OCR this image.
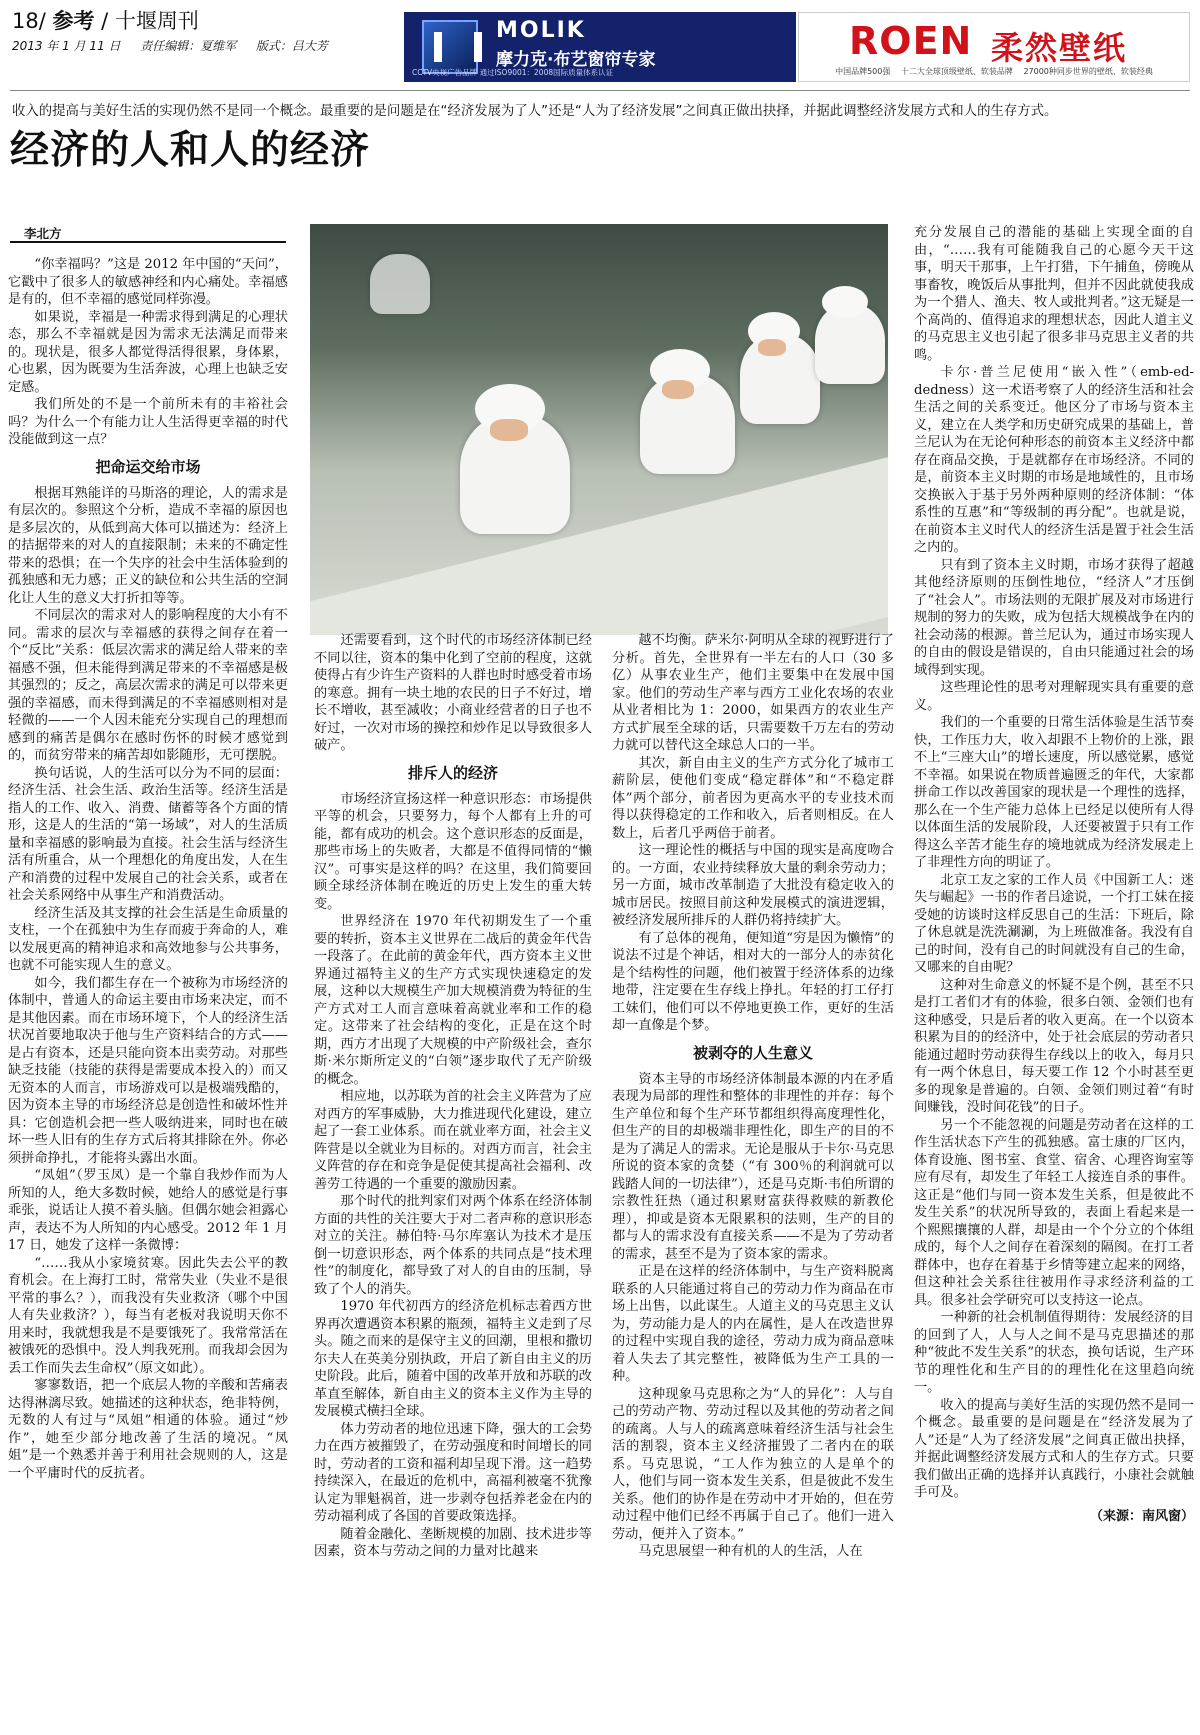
18/ 参考 / 十堰周刊
2013 年 1 月 11 日 　 责任编辑：夏维军 　 版式：吕大芳
MOLIK
摩力克·布艺窗帘专家
CCTV央视广告品牌 通过ISO9001：2008国际质量体系认证
ROEN 柔然壁纸
中国品牌500强　 十二大全球顶级壁纸、软装品牌　 27000种同步世界的壁纸、软装经典
收入的提高与美好生活的实现仍然不是同一个概念。最重要的是问题是在“经济发展为了人”还是“人为了经济发展”之间真正做出抉择，并据此调整经济发展方式和人的生存方式。
经济的人和人的经济
李北方

“你幸福吗？”这是 2012 年中国的“天问”，它戳中了很多人的敏感神经和内心痛处。幸福感是有的，但不幸福的感觉同样弥漫。

如果说，幸福是一种需求得到满足的心理状态，那么不幸福就是因为需求无法满足而带来的。现状是，很多人都觉得活得很累，身体累，心也累，因为既要为生活奔波，心理上也缺乏安定感。

我们所处的不是一个前所未有的丰裕社会吗？为什么一个有能力让人生活得更幸福的时代没能做到这一点？

把命运交给市场

根据耳熟能详的马斯洛的理论，人的需求是有层次的。参照这个分析，造成不幸福的原因也是多层次的，从低到高大体可以描述为：经济上的拮据带来的对人的直接限制；未来的不确定性带来的恐惧；在一个失序的社会中生活体验到的孤独感和无力感；正义的缺位和公共生活的空洞化让人生的意义大打折扣等等。

不同层次的需求对人的影响程度的大小有不同。需求的层次与幸福感的获得之间存在着一个“反比”关系：低层次需求的满足给人带来的幸福感不强，但未能得到满足带来的不幸福感是极其强烈的；反之，高层次需求的满足可以带来更强的幸福感，而未得到满足的不幸福感则相对是轻微的——一个人因未能充分实现自己的理想而感到的痛苦是偶尔在感时伤怀的时候才感觉到的，而贫穷带来的痛苦却如影随形，无可摆脱。

换句话说，人的生活可以分为不同的层面：经济生活、社会生活、政治生活等。经济生活是指人的工作、收入、消费、储蓄等各个方面的情形，这是人的生活的“第一场域”，对人的生活质量和幸福感的影响最为直接。社会生活与经济生活有所重合，从一个理想化的角度出发，人在生产和消费的过程中发展自己的社会关系，或者在社会关系网络中从事生产和消费活动。

经济生活及其支撑的社会生活是生命质量的支柱，一个在孤独中为生存而疲于奔命的人，难以发展更高的精神追求和高效地参与公共事务，也就不可能实现人生的意义。

如今，我们都生存在一个被称为市场经济的体制中，普通人的命运主要由市场来决定，而不是其他因素。而在市场环境下，个人的经济生活状况首要地取决于他与生产资料结合的方式——是占有资本，还是只能向资本出卖劳动。对那些缺乏技能（技能的获得是需要成本投入的）而又无资本的人而言，市场游戏可以是极端残酷的，因为资本主导的市场经济总是创造性和破坏性并具：它创造机会把一些人吸纳进来，同时也在破坏一些人旧有的生存方式后将其排除在外。你必须拼命挣扎，才能将头露出水面。

“凤姐”（罗玉凤）是一个靠自我炒作而为人所知的人，绝大多数时候，她给人的感觉是行事乖张，说话让人摸不着头脑。但偶尔她会袒露心声，表达不为人所知的内心感受。2012 年 1 月 17 日，她发了这样一条微博：

“……我从小家境贫寒。因此失去公平的教育机会。在上海打工时，常常失业（失业不是很平常的事么？），而我没有失业救济（哪个中国人有失业救济？），每当有老板对我说明天你不用来时，我就想我是不是要饿死了。我常常活在被饿死的恐惧中。没人判我死刑。而我却会因为丢工作而失去生命权”（原文如此）。

寥寥数语，把一个底层人物的辛酸和苦痛表达得淋漓尽致。她描述的这种状态，绝非特例，无数的人有过与“凤姐”相通的体验。通过“炒作”，她至少部分地改善了生活的境况。“凤姐”是一个熟悉并善于利用社会规则的人，这是一个平庸时代的反抗者。

还需要看到，这个时代的市场经济体制已经不同以往，资本的集中化到了空前的程度，这就使得占有少许生产资料的人群也时时感受着市场的寒意。拥有一块土地的农民的日子不好过，增长不增收，甚至减收；小商业经营者的日子也不好过，一次对市场的操控和炒作足以导致很多人破产。

排斥人的经济

市场经济宣扬这样一种意识形态：市场提供平等的机会，只要努力，每个人都有上升的可能，都有成功的机会。这个意识形态的反面是，那些市场上的失败者，大都是不值得同情的“懒汉”。可事实是这样的吗？在这里，我们简要回顾全球经济体制在晚近的历史上发生的重大转变。

世界经济在 1970 年代初期发生了一个重要的转折，资本主义世界在二战后的黄金年代告一段落了。在此前的黄金年代，西方资本主义世界通过福特主义的生产方式实现快速稳定的发展，这种以大规模生产加大规模消费为特征的生产方式对工人而言意味着高就业率和工作的稳定。这带来了社会结构的变化，正是在这个时期，西方才出现了大规模的中产阶级社会，查尔斯·米尔斯所定义的“白领”逐步取代了无产阶级的概念。

相应地，以苏联为首的社会主义阵营为了应对西方的军事威胁，大力推进现代化建设，建立起了一套工业体系。而在就业率方面，社会主义阵营是以全就业为目标的。对西方而言，社会主义阵营的存在和竞争是促使其提高社会福利、改善劳工待遇的一个重要的激励因素。

那个时代的批判家们对两个体系在经济体制方面的共性的关注要大于对二者声称的意识形态对立的关注。赫伯特·马尔库塞认为技术才是压倒一切意识形态，两个体系的共同点是“技术理性”的制度化，都导致了对人的自由的压制，导致了个人的消失。

1970 年代初西方的经济危机标志着西方世界再次遭遇资本积累的瓶颈，福特主义走到了尽头。随之而来的是保守主义的回潮，里根和撒切尔夫人在英美分别执政，开启了新自由主义的历史阶段。此后，随着中国的改革开放和苏联的改革直至解体，新自由主义的资本主义作为主导的发展模式横扫全球。

体力劳动者的地位迅速下降，强大的工会势力在西方被摧毁了，在劳动强度和时间增长的同时，劳动者的工资和福利却呈现下滑。这一趋势持续深入，在最近的危机中，高福利被毫不犹豫认定为罪魁祸首，进一步剥夺包括养老金在内的劳动福利成了各国的首要政策选择。

随着金融化、垄断规模的加剧、技术进步等因素，资本与劳动之间的力量对比越来

越不均衡。萨米尔·阿明从全球的视野进行了分析。首先，全世界有一半左右的人口（30 多亿）从事农业生产，他们主要集中在发展中国家。他们的劳动生产率与西方工业化农场的农业从业者相比为 1：2000，如果西方的农业生产方式扩展至全球的话，只需要数千万左右的劳动力就可以替代这全球总人口的一半。

其次，新自由主义的生产方式分化了城市工薪阶层，使他们变成“稳定群体”和“不稳定群体”两个部分，前者因为更高水平的专业技术而得以获得稳定的工作和收入，后者则相反。在人数上，后者几乎两倍于前者。

这一理论性的概括与中国的现实是高度吻合的。一方面，农业持续释放大量的剩余劳动力；另一方面，城市改革制造了大批没有稳定收入的城市居民。按照目前这种发展模式的演进逻辑，被经济发展所排斥的人群仍将持续扩大。

有了总体的视角，便知道“穷是因为懒惰”的说法不过是个神话，相对大的一部分人的赤贫化是个结构性的问题，他们被置于经济体系的边缘地带，注定要在生存线上挣扎。年轻的打工仔打工妹们，他们可以不停地更换工作，更好的生活却一直像是个梦。

被剥夺的人生意义

资本主导的市场经济体制最本源的内在矛盾表现为局部的理性和整体的非理性的并存：每个生产单位和每个生产环节都组织得高度理性化，但生产的目的却极端非理性化，即生产的目的不是为了满足人的需求。无论是服从于卡尔·马克思所说的资本家的贪婪（“有 300％的利润就可以践踏人间的一切法律”），还是马克斯·韦伯所谓的宗教性狂热（通过积累财富获得救赎的新教伦理），抑或是资本无限累积的法则，生产的目的都与人的需求没有直接关系——不是为了劳动者的需求，甚至不是为了资本家的需求。

正是在这样的经济体制中，与生产资料脱离联系的人只能通过将自己的劳动力作为商品在市场上出售，以此谋生。人道主义的马克思主义认为，劳动能力是人的内在属性，是人在改造世界的过程中实现自我的途径，劳动力成为商品意味着人失去了其完整性，被降低为生产工具的一种。

这种现象马克思称之为“人的异化”：人与自己的劳动产物、劳动过程以及其他的劳动者之间的疏离。人与人的疏离意味着经济生活与社会生活的割裂，资本主义经济摧毁了二者内在的联系。马克思说，“工人作为独立的人是单个的人，他们与同一资本发生关系，但是彼此不发生关系。他们的协作是在劳动中才开始的，但在劳动过程中他们已经不再属于自己了。他们一进入劳动，便并入了资本。”

马克思展望一种有机的人的生活，人在

充分发展自己的潜能的基础上实现全面的自由，“……我有可能随我自己的心愿今天干这事，明天干那事，上午打猎，下午捕鱼，傍晚从事畜牧，晚饭后从事批判，但并不因此就使我成为一个猎人、渔夫、牧人或批判者。”这无疑是一个高尚的、值得追求的理想状态，因此人道主义的马克思主义也引起了很多非马克思主义者的共鸣。

卡尔·普兰尼使用“嵌入性”（emb-ed-dedness）这一术语考察了人的经济生活和社会生活之间的关系变迁。他区分了市场与资本主义，建立在人类学和历史研究成果的基础上，普兰尼认为在无论何种形态的前资本主义经济中都存在商品交换，于是就都存在市场经济。不同的是，前资本主义时期的市场是地域性的，且市场交换嵌入于基于另外两种原则的经济体制：“体系性的互惠”和“等级制的再分配”。也就是说，在前资本主义时代人的经济生活是置于社会生活之内的。

只有到了资本主义时期，市场才获得了超越其他经济原则的压倒性地位，“经济人”才压倒了“社会人”。市场法则的无限扩展及对市场进行规制的努力的失败，成为包括大规模战争在内的社会动荡的根源。普兰尼认为，通过市场实现人的自由的假设是错误的，自由只能通过社会的场域得到实现。

这些理论性的思考对理解现实具有重要的意义。

我们的一个重要的日常生活体验是生活节奏快，工作压力大，收入却跟不上物价的上涨，跟不上“三座大山”的增长速度，所以感觉累，感觉不幸福。如果说在物质普遍匮乏的年代，大家都拼命工作以改善国家的现状是一个理性的选择，那么在一个生产能力总体上已经足以使所有人得以体面生活的发展阶段，人还要被置于只有工作得这么辛苦才能生存的境地就成为经济发展走上了非理性方向的明证了。

北京工友之家的工作人员《中国新工人：迷失与崛起》一书的作者吕途说，一个打工妹在接受她的访谈时这样反思自己的生活：下班后，除了休息就是洗洗涮涮，为上班做准备。我没有自己的时间，没有自己的时间就没有自己的生命，又哪来的自由呢？

这种对生命意义的怀疑不是个例，甚至不只是打工者们才有的体验，很多白领、金领们也有这种感受，只是后者的收入更高。在一个以资本积累为目的的经济中，处于社会底层的劳动者只能通过超时劳动获得生存线以上的收入，每月只有一两个休息日，每天要工作 12 个小时甚至更多的现象是普遍的。白领、金领们则过着“有时间赚钱，没时间花钱”的日子。

另一个不能忽视的问题是劳动者在这样的工作生活状态下产生的孤独感。富士康的厂区内，体育设施、图书室、食堂、宿舍、心理咨询室等应有尽有，却发生了年轻工人接连自杀的事件。这正是“他们与同一资本发生关系，但是彼此不发生关系”的状况所导致的，表面上看起来是一个熙熙攘攘的人群，却是由一个个分立的个体组成的，每个人之间存在着深刻的隔阂。在打工者群体中，也存在着基于乡情等建立起来的网络，但这种社会关系往往被用作寻求经济利益的工具。很多社会学研究可以支持这一论点。

一种新的社会机制值得期待：发展经济的目的回到了人，人与人之间不是马克思描述的那种“彼此不发生关系”的状态，换句话说，生产环节的理性化和生产目的的理性化在这里趋向统一。

收入的提高与美好生活的实现仍然不是同一个概念。最重要的是问题是在“经济发展为了人”还是“人为了经济发展”之间真正做出抉择，并据此调整经济发展方式和人的生存方式。只要我们做出正确的选择并认真践行，小康社会就触手可及。

（来源：南风窗）
